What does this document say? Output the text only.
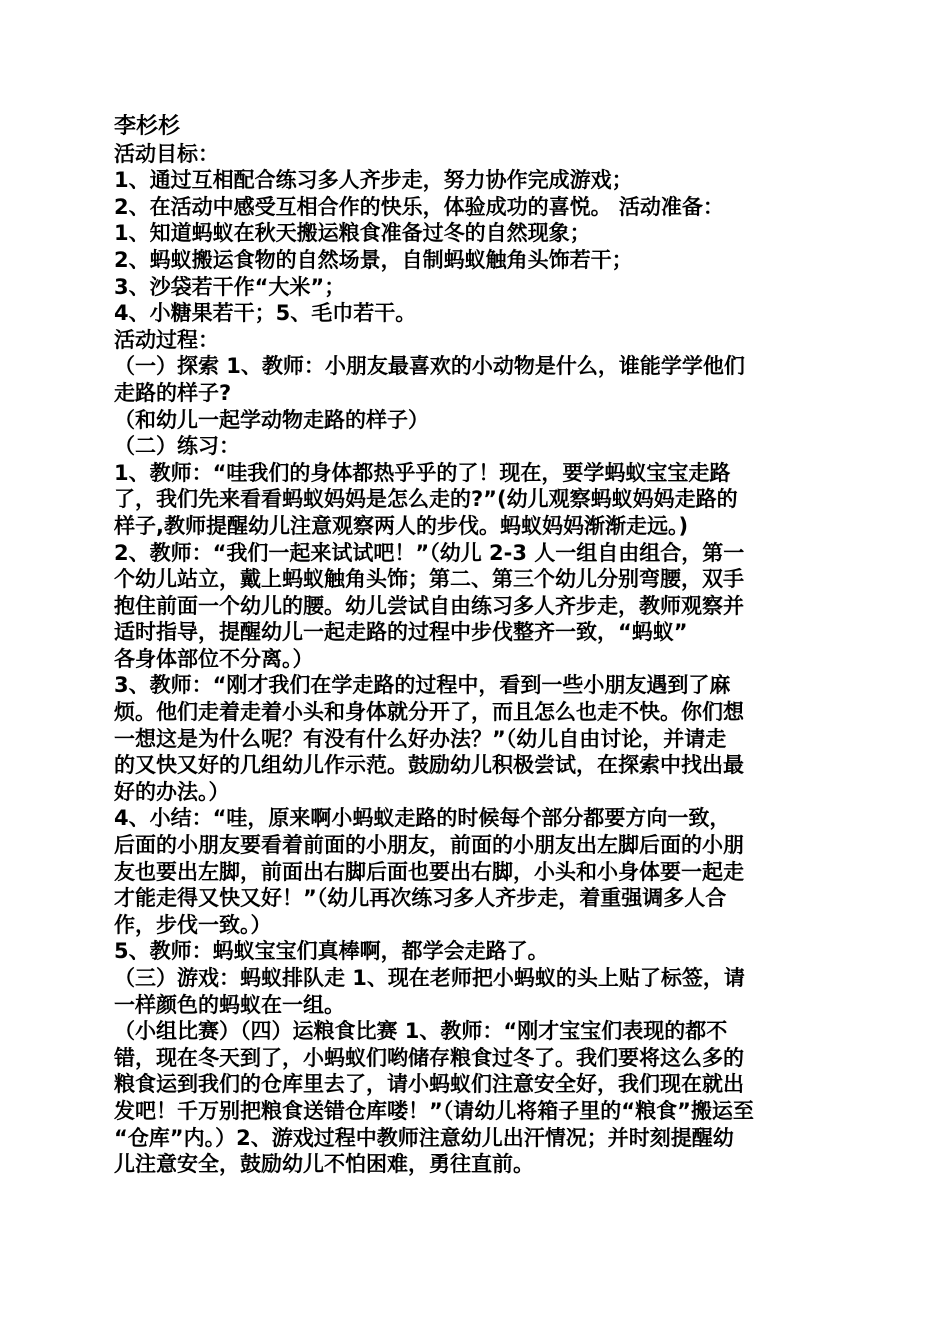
李杉杉
活动目标：
1、通过互相配合练习多人齐步走，努力协作完成游戏；
2、在活动中感受互相合作的快乐，体验成功的喜悦。 活动准备：
1、知道蚂蚁在秋天搬运粮食准备过冬的自然现象；
2、蚂蚁搬运食物的自然场景，自制蚂蚁触角头饰若干；
3、沙袋若干作“大米”；
4、小糖果若干；5、毛巾若干。
活动过程：
（一）探索 1、教师：小朋友最喜欢的小动物是什么，谁能学学他们
走路的样子?
（和幼儿一起学动物走路的样子）
（二）练习：
1、教师：“哇我们的身体都热乎乎的了！现在，要学蚂蚁宝宝走路
了，我们先来看看蚂蚁妈妈是怎么走的?”(幼儿观察蚂蚁妈妈走路的
样子,教师提醒幼儿注意观察两人的步伐。蚂蚁妈妈渐渐走远。)
2、教师：“我们一起来试试吧！”（幼儿 2-3 人一组自由组合，第一
个幼儿站立，戴上蚂蚁触角头饰；第二、第三个幼儿分别弯腰，双手
抱住前面一个幼儿的腰。幼儿尝试自由练习多人齐步走，教师观察并
适时指导，提醒幼儿一起走路的过程中步伐整齐一致，“蚂蚁”
各身体部位不分离。）
3、教师：“刚才我们在学走路的过程中，看到一些小朋友遇到了麻
烦。他们走着走着小头和身体就分开了，而且怎么也走不快。你们想
一想这是为什么呢？有没有什么好办法？”（幼儿自由讨论，并请走
的又快又好的几组幼儿作示范。鼓励幼儿积极尝试，在探索中找出最
好的办法。）
4、小结：“哇，原来啊小蚂蚁走路的时候每个部分都要方向一致，
后面的小朋友要看着前面的小朋友，前面的小朋友出左脚后面的小朋
友也要出左脚，前面出右脚后面也要出右脚，小头和小身体要一起走
才能走得又快又好！”（幼儿再次练习多人齐步走，着重强调多人合
作，步伐一致。）
5、教师：蚂蚁宝宝们真棒啊，都学会走路了。
（三）游戏：蚂蚁排队走 1、现在老师把小蚂蚁的头上贴了标签，请
一样颜色的蚂蚁在一组。
（小组比赛）（四）运粮食比赛 1、教师：“刚才宝宝们表现的都不
错，现在冬天到了，小蚂蚁们哟储存粮食过冬了。我们要将这么多的
粮食运到我们的仓库里去了，请小蚂蚁们注意安全好，我们现在就出
发吧！千万别把粮食送错仓库喽！”（请幼儿将箱子里的“粮食”搬运至
“仓库”内。）2、游戏过程中教师注意幼儿出汗情况；并时刻提醒幼
儿注意安全，鼓励幼儿不怕困难，勇往直前。
